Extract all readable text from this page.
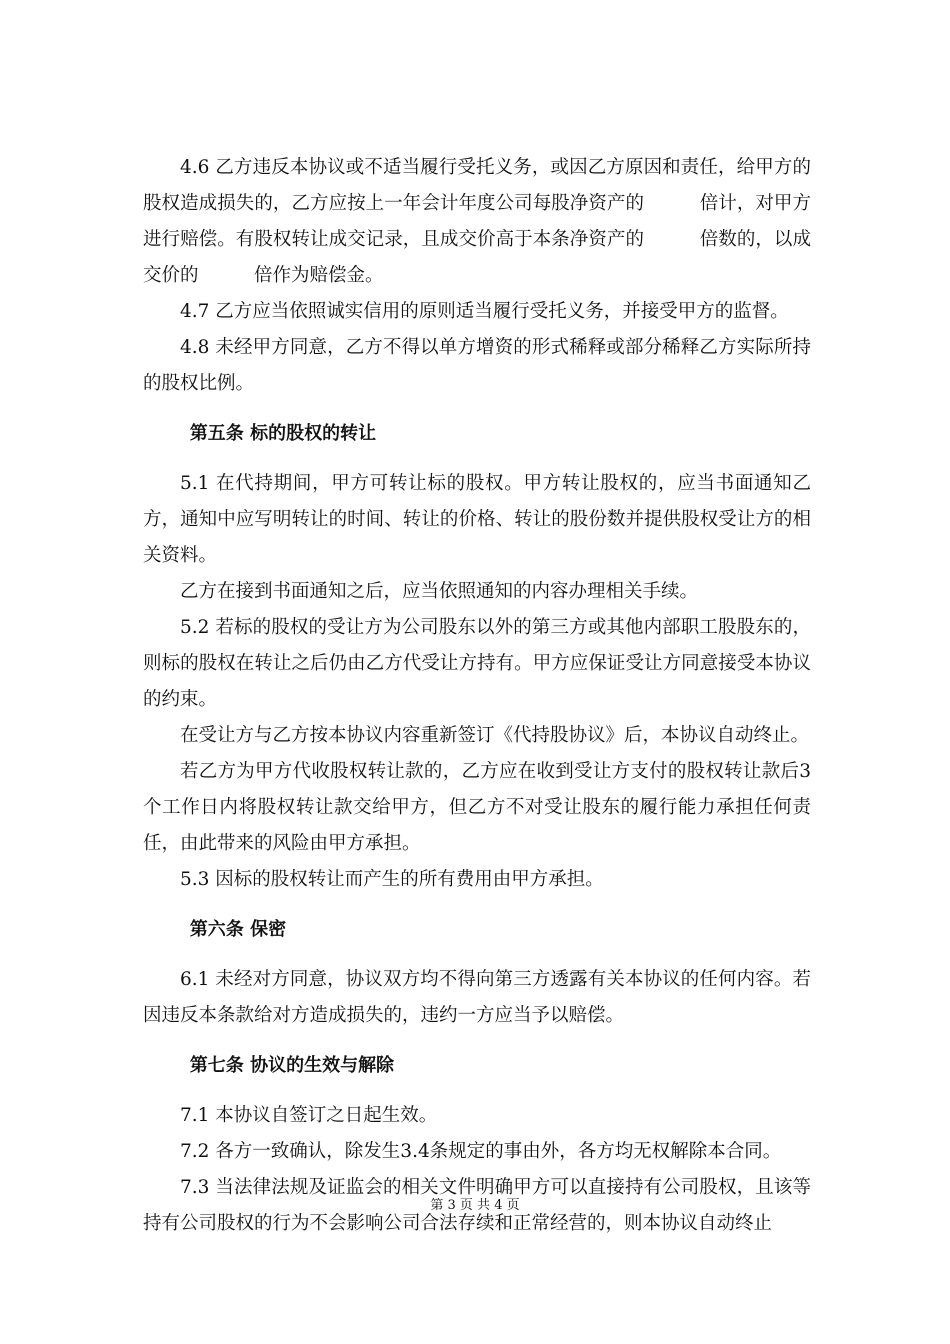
4.6 乙方违反本协议或不适当履行受托义务，或因乙方原因和责任，给甲方的股权造成损失的，乙方应按上一年会计年度公司每股净资产的　　　倍计，对甲方进行赔偿。有股权转让成交记录，且成交价高于本条净资产的　　　倍数的，以成交价的　　　倍作为赔偿金。

4.7 乙方应当依照诚实信用的原则适当履行受托义务，并接受甲方的监督。

4.8 未经甲方同意，乙方不得以单方增资的形式稀释或部分稀释乙方实际所持的股权比例。

第五条 标的股权的转让

5.1 在代持期间，甲方可转让标的股权。甲方转让股权的，应当书面通知乙方，通知中应写明转让的时间、转让的价格、转让的股份数并提供股权受让方的相关资料。

乙方在接到书面通知之后，应当依照通知的内容办理相关手续。

5.2 若标的股权的受让方为公司股东以外的第三方或其他内部职工股股东的，则标的股权在转让之后仍由乙方代受让方持有。甲方应保证受让方同意接受本协议的约束。

在受让方与乙方按本协议内容重新签订《代持股协议》后，本协议自动终止。

若乙方为甲方代收股权转让款的，乙方应在收到受让方支付的股权转让款后3个工作日内将股权转让款交给甲方，但乙方不对受让股东的履行能力承担任何责任，由此带来的风险由甲方承担。

5.3 因标的股权转让而产生的所有费用由甲方承担。

第六条 保密

6.1 未经对方同意，协议双方均不得向第三方透露有关本协议的任何内容。若因违反本条款给对方造成损失的，违约一方应当予以赔偿。

第七条 协议的生效与解除

7.1 本协议自签订之日起生效。

7.2 各方一致确认，除发生3.4条规定的事由外，各方均无权解除本合同。

7.3 当法律法规及证监会的相关文件明确甲方可以直接持有公司股权，且该等持有公司股权的行为不会影响公司合法存续和正常经营的，则本协议自动终止

第 3 页 共 4 页
